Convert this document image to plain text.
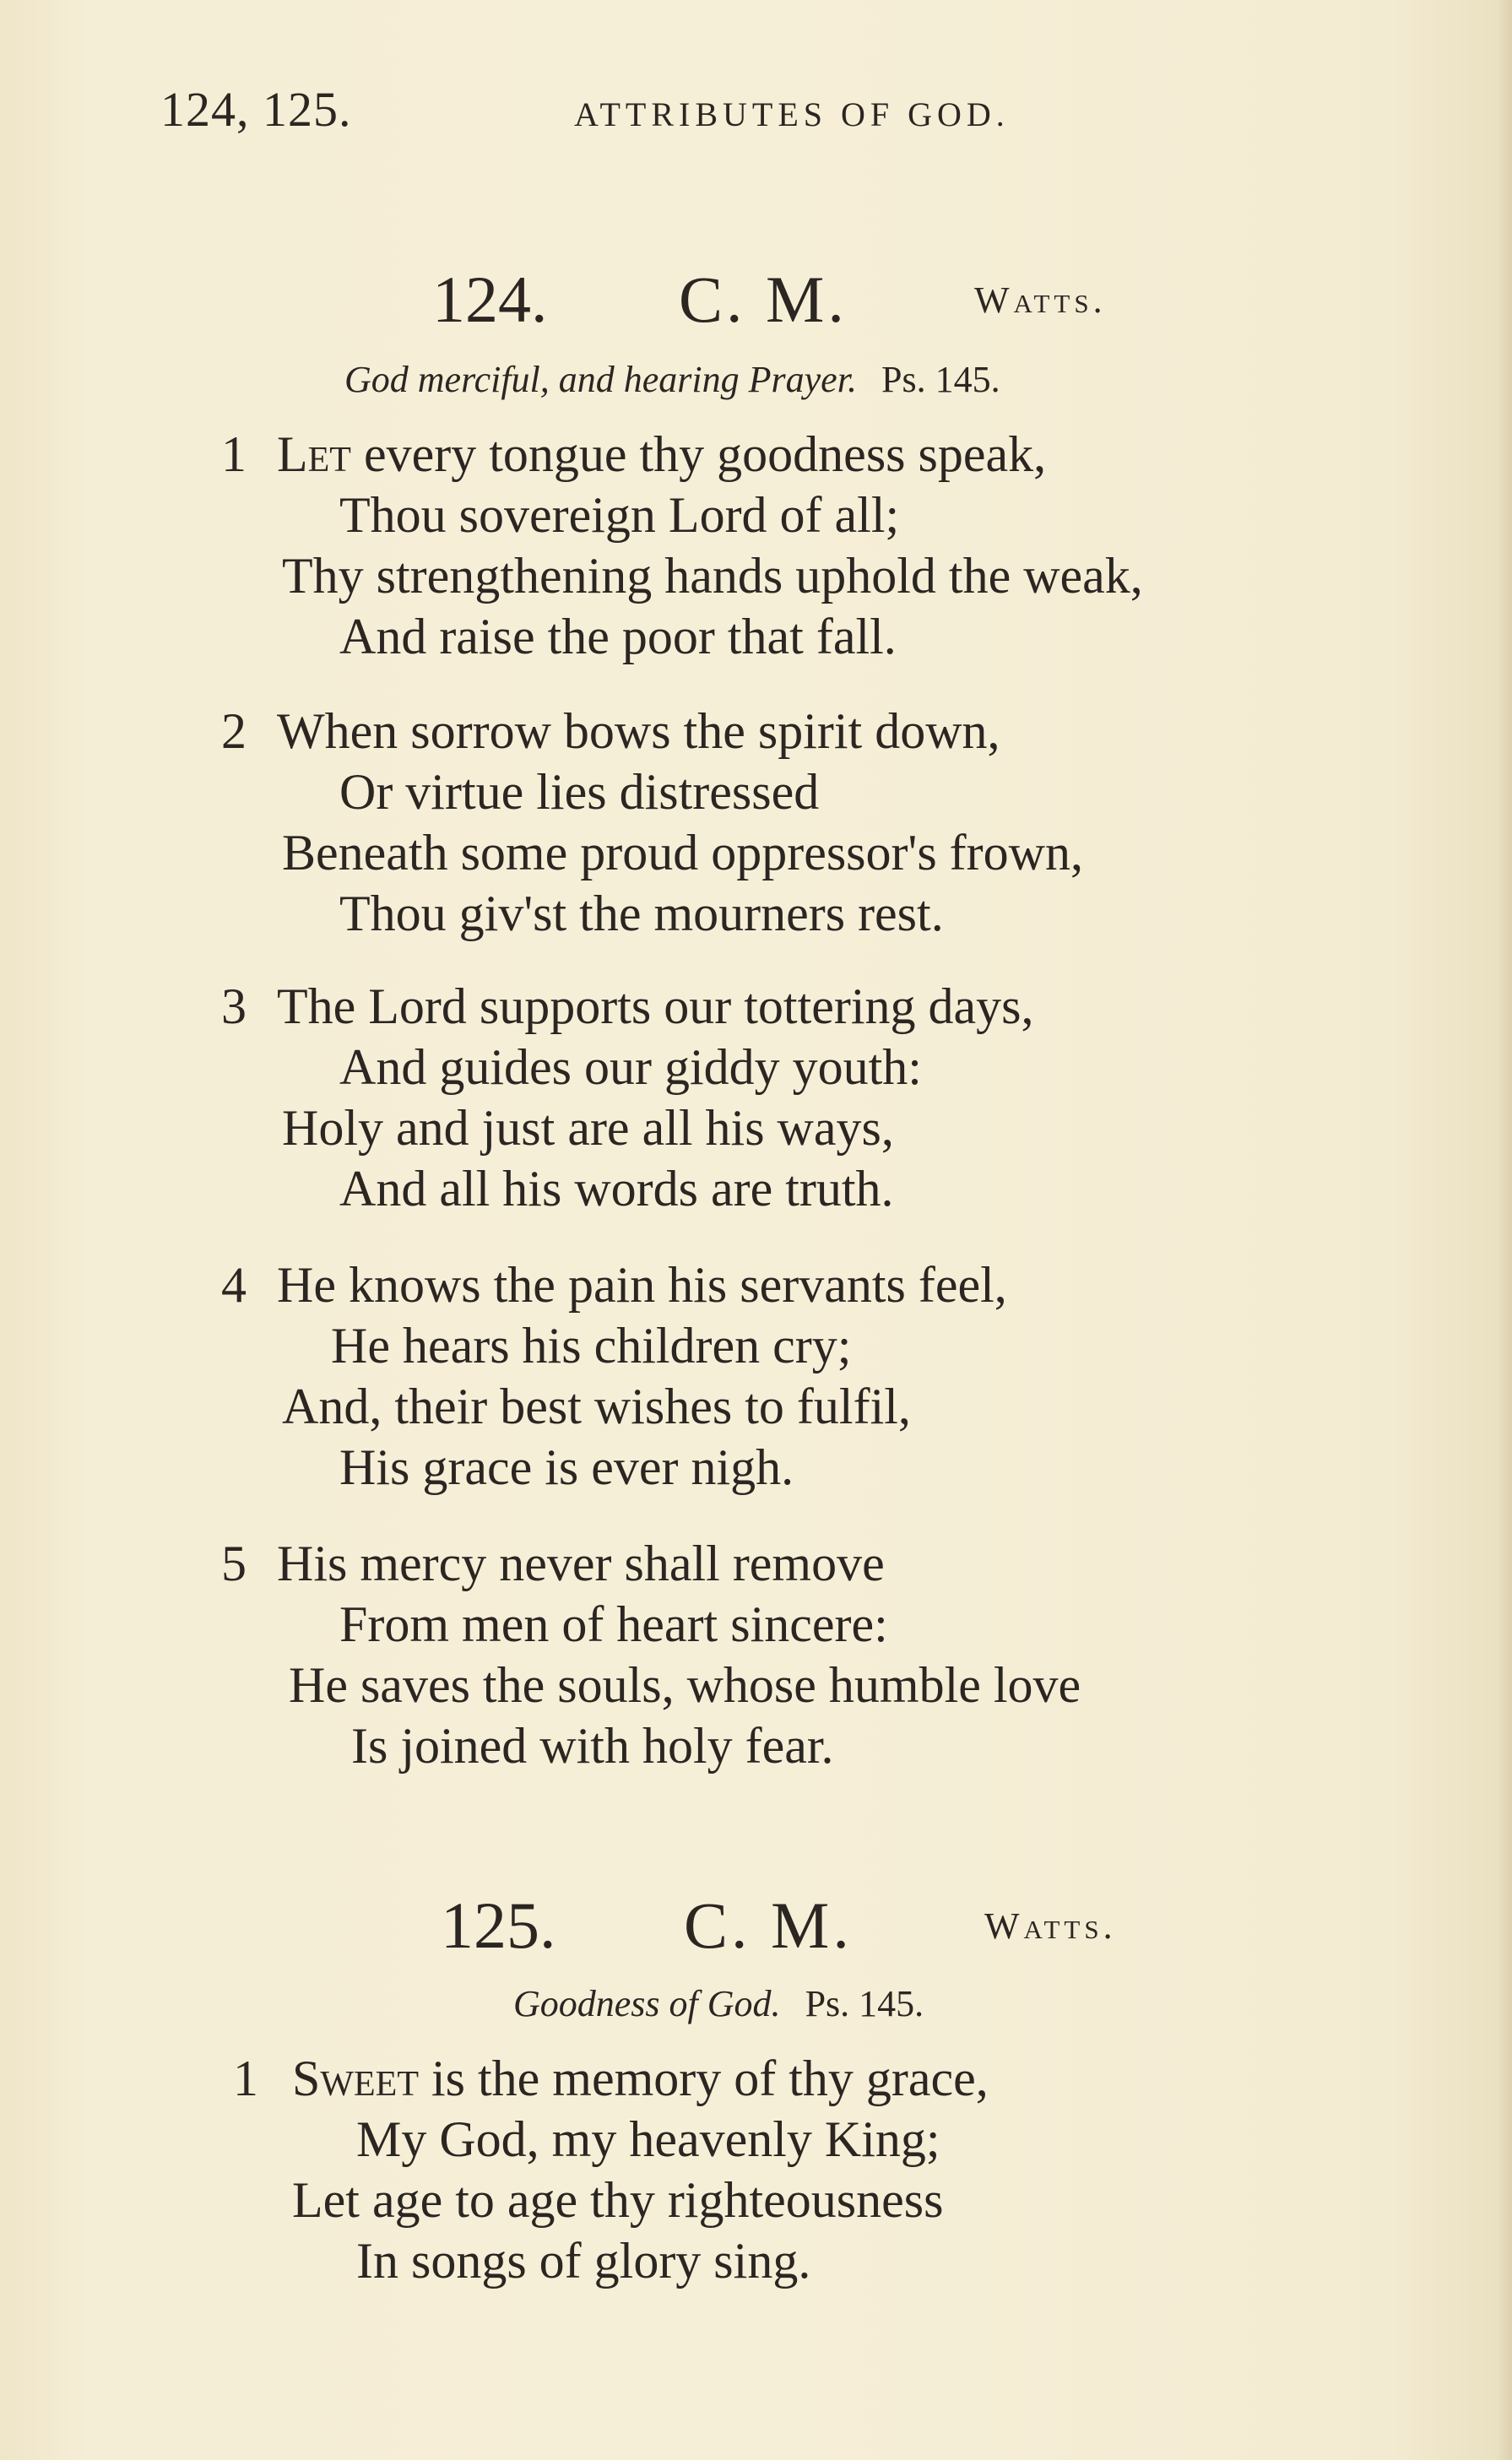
124, 125.	ATTRIBUTES OF GOD.
124. C. M.	Watts.
God merciful, and hearing Prayer. Ps. 145.
1 Let every tongue thy goodness speak,
Thou sovereign Lord of all;
Thy strengthening hands uphold the weak,
And raise the poor that fall.
2 When sorrow bows the spirit down,
Or virtue lies distressed
Beneath some proud oppressor's frown,
Thou giv'st the mourners rest.
3 The Lord supports our tottering days,
And guides our giddy youth:
Holy and just are all his ways,
And all his words are truth.
4 He knows the pain his servants feel,
He hears his children cry;
And, their best wishes to fulfil,
His grace is ever nigh.
5 His mercy never shall remove
From men of heart sincere:
He saves the souls, whose humble love
Is joined with holy fear.
125. C. M.	Watts.
Goodness of God. Ps. 145.
1 Sweet is the memory of thy grace,
My God, my heavenly King;
Let age to age thy righteousness
In songs of glory sing.
